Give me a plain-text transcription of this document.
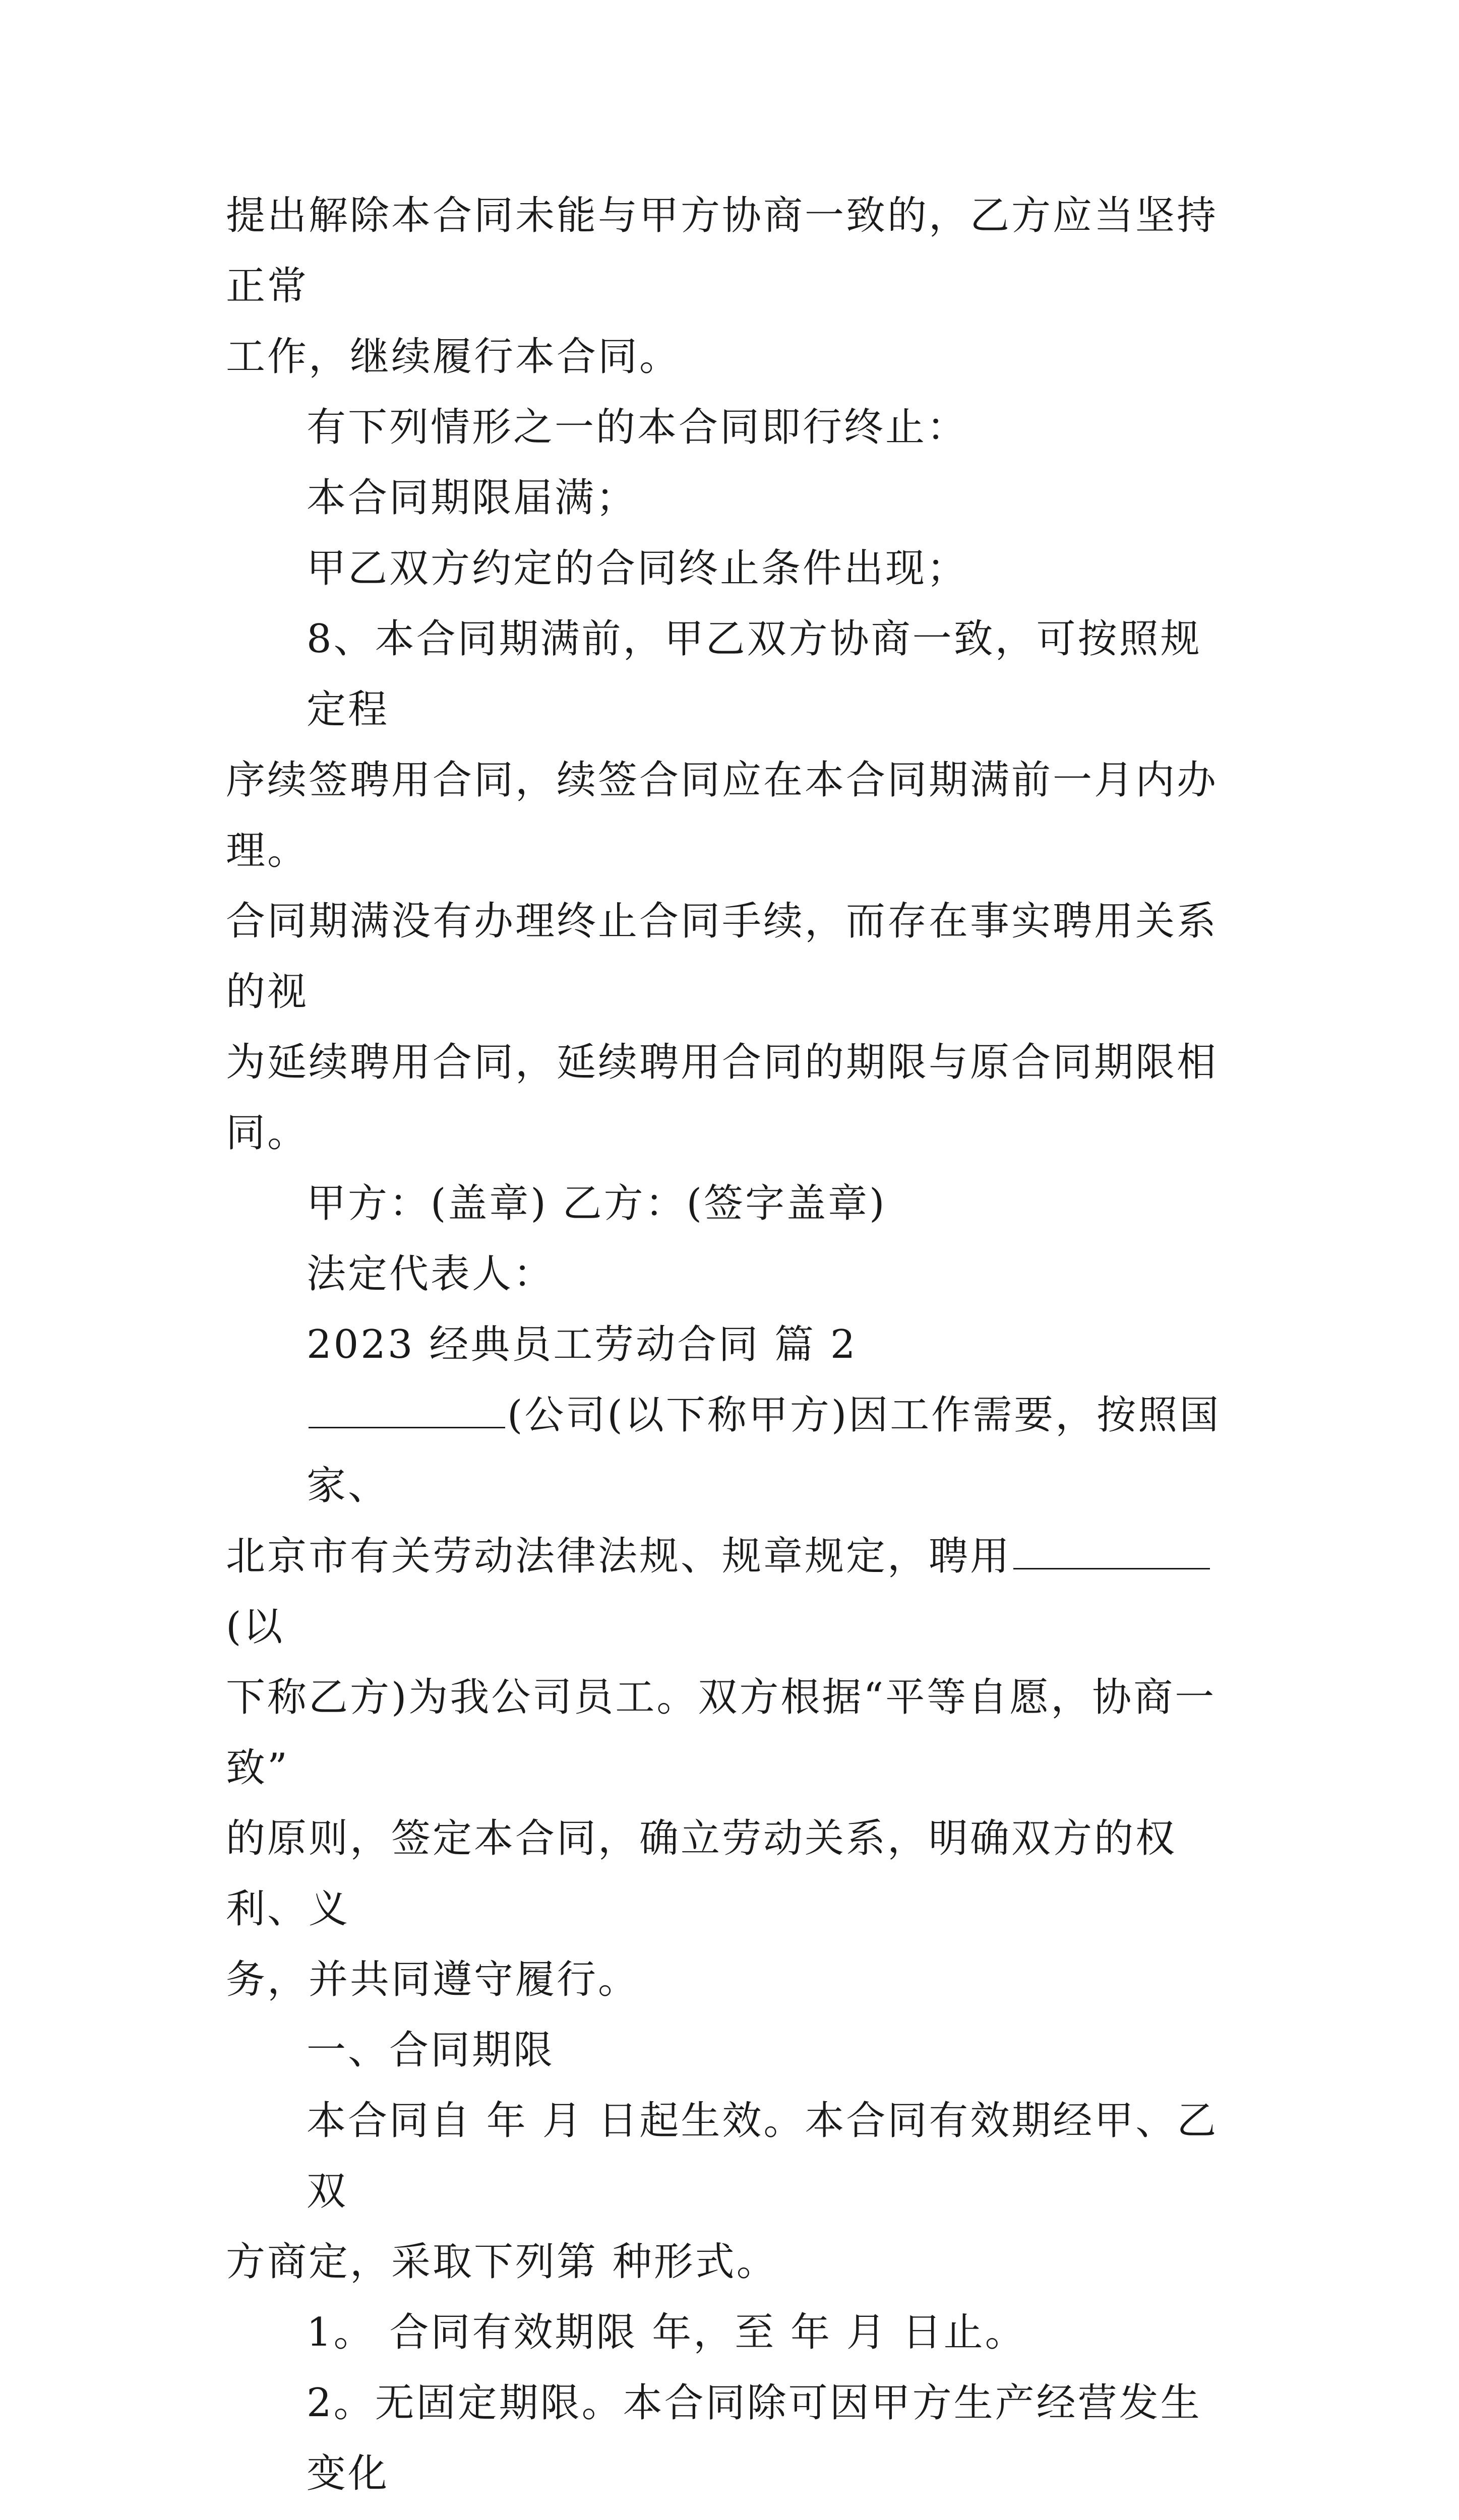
提出解除本合同未能与甲方协商一致的，乙方应当坚持正常

工作，继续履行本合同。

有下列情形之一的本合同即行终止：

本合同期限届满；

甲乙双方约定的合同终止条件出现；

8、本合同期满前，甲乙双方协商一致，可按照规定程

序续签聘用合同，续签合同应在本合同期满前一月内办理。

合同期满没有办理终止合同手续，而存在事实聘用关系的视

为延续聘用合同，延续聘用合同的期限与原合同期限相同。

甲方：(盖章) 乙方：(签字盖章)

法定代表人：

2023 经典员工劳动合同 篇 2

(公司(以下称甲方)因工作需要，按照国家、

北京市有关劳动法律法规、规章规定，聘用(以

下称乙方)为我公司员工。双方根据“平等自愿，协商一致”

的原则，签定本合同，确立劳动关系，明确双方的权利、义

务，并共同遵守履行。

一、合同期限

本合同自 年 月 日起生效。本合同有效期经甲、乙双

方商定，采取下列第 种形式。

1。 合同有效期限 年，至 年 月 日止。

2。无固定期限。本合同除可因甲方生产经营发生变化
